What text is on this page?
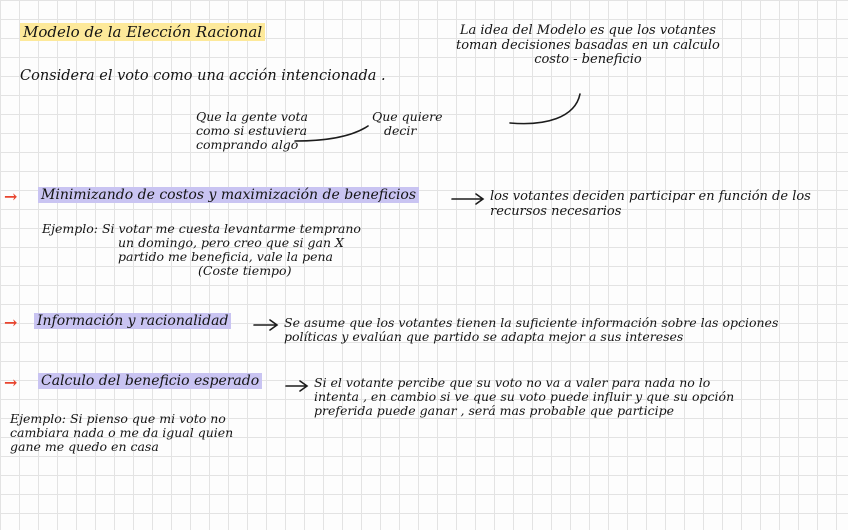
Modelo de la Elección Racional

Considera el voto como una acción intencionada .

La idea del Modelo es que los votantes
toman decisiones basadas en un calculo
costo - beneficio
Que la gente vota
como si estuviera
comprando algo
Que quiere
decir
→ Minimizando de costos y maximización de beneficios	los votantes deciden participar en función de los
recursos necesarios
Ejemplo: Si votar me cuesta levantarme temprano
un domingo, pero creo que si gan X
partido me beneficia, vale la pena
(Coste tiempo)
→ Información y racionalidad	Se asume que los votantes tienen la suficiente información sobre las opciones
políticas y evalúan que partido se adapta mejor a sus intereses
→ Calculo del beneficio esperado	Si el votante percibe que su voto no va a valer para nada no lo
intenta , en cambio si ve que su voto puede influir y que su opción
preferida puede ganar , será mas probable que participe
Ejemplo: Si pienso que mi voto no
cambiara nada o me da igual quien
gane me quedo en casa
